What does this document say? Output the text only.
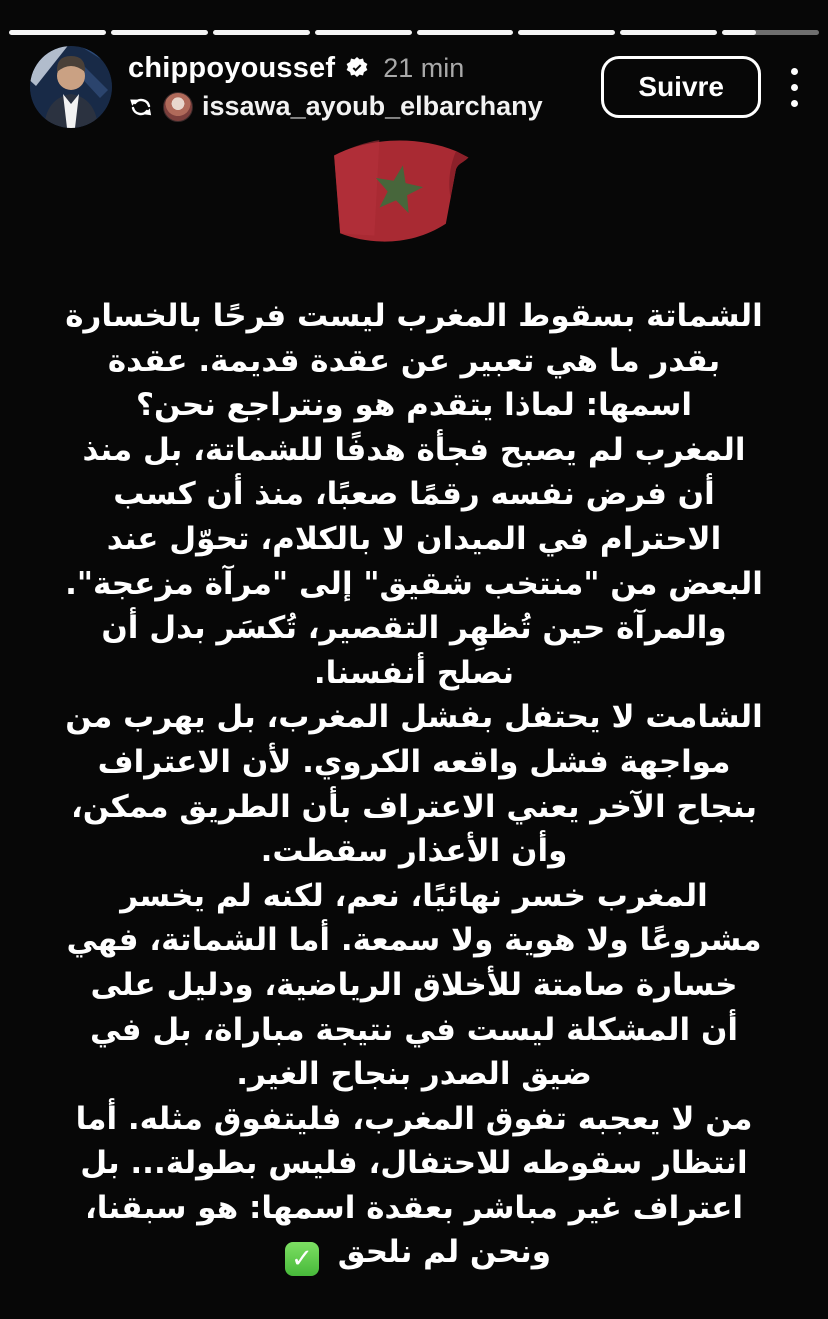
chippoyoussef 21 min
issawa_ayoub_elbarchany
Suivre
الشماتة بسقوط المغرب ليست فرحًا بالخسارة
بقدر ما هي تعبير عن عقدة قديمة. عقدة
اسمها: لماذا يتقدم هو ونتراجع نحن؟
المغرب لم يصبح فجأة هدفًا للشماتة، بل منذ
أن فرض نفسه رقمًا صعبًا، منذ أن كسب
الاحترام في الميدان لا بالكلام، تحوّل عند
البعض من "منتخب شقيق" إلى "مرآة مزعجة".
والمرآة حين تُظهِر التقصير، تُكسَر بدل أن
نصلح أنفسنا.
الشامت لا يحتفل بفشل المغرب، بل يهرب من
مواجهة فشل واقعه الكروي. لأن الاعتراف
بنجاح الآخر يعني الاعتراف بأن الطريق ممكن،
وأن الأعذار سقطت.
المغرب خسر نهائيًا، نعم، لكنه لم يخسر
مشروعًا ولا هوية ولا سمعة. أما الشماتة، فهي
خسارة صامتة للأخلاق الرياضية، ودليل على
أن المشكلة ليست في نتيجة مباراة، بل في
ضيق الصدر بنجاح الغير.
من لا يعجبه تفوق المغرب، فليتفوق مثله. أما
انتظار سقوطه للاحتفال، فليس بطولة... بل
اعتراف غير مباشر بعقدة اسمها: هو سبقنا،
ونحن لم نلحق ✓
